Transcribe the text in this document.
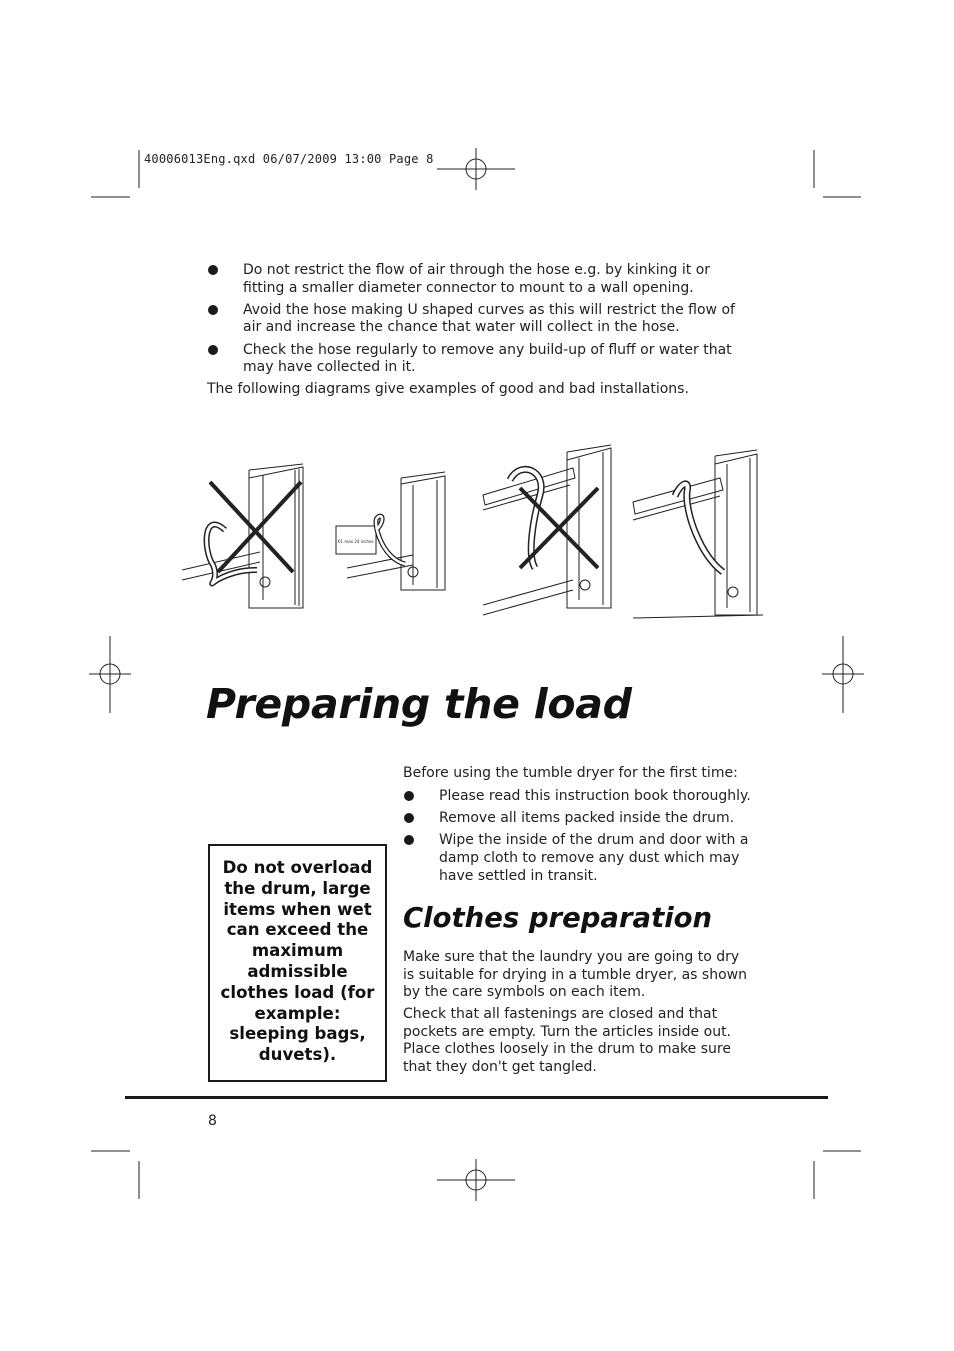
40006013Eng.qxd 06/07/2009 13:00 Page 8
Do not restrict the flow of air through the hose e.g. by kinking it or fitting a smaller diameter connector to mount to a wall opening.
Avoid the hose making U shaped curves as this will restrict the flow of air and increase the chance that water will collect in the hose.
Check the hose regularly to remove any build-up of fluff or water that may have collected in it.
The following diagrams give examples of good and bad installations.
61 max 24 inches
Preparing the load
Before using the tumble dryer for the first time:
Please read this instruction book thoroughly.
Remove all items packed inside the drum.
Wipe the inside of the drum and door with a damp cloth to remove any dust which may have settled in transit.

Do not overload the drum, large items when wet can exceed the maximum admissible clothes load (for example: sleeping bags, duvets).

Clothes preparation
Make sure that the laundry you are going to dry is suitable for drying in a tumble dryer, as shown by the care symbols on each item.
Check that all fastenings are closed and that pockets are empty. Turn the articles inside out. Place clothes loosely in the drum to make sure that they don't get tangled.
8
